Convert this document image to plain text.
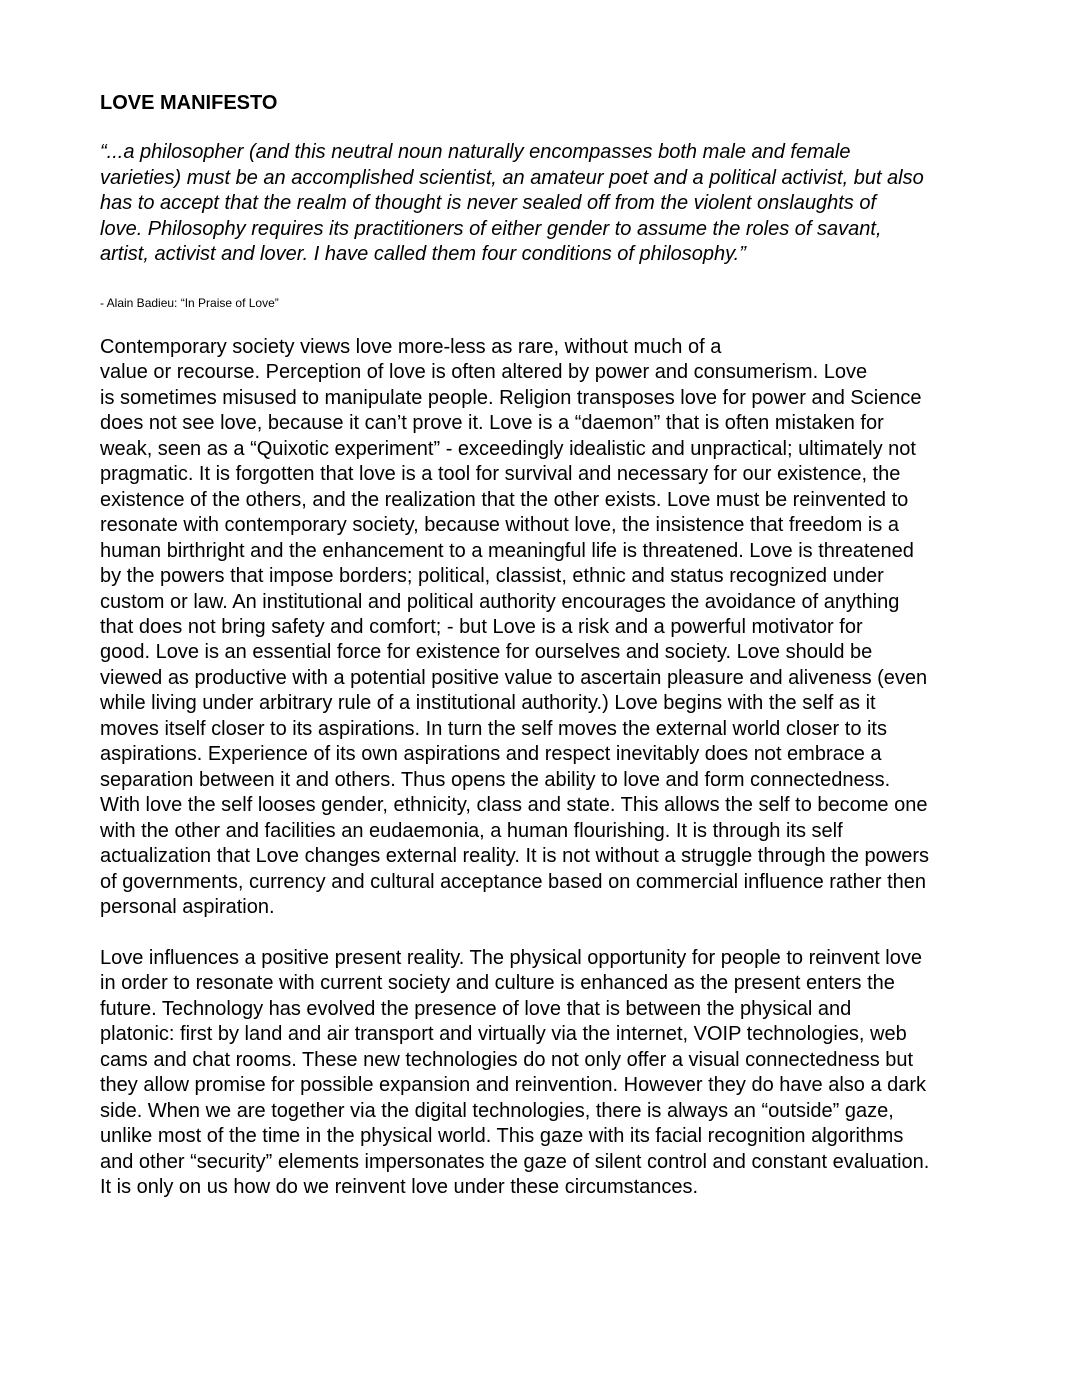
LOVE MANIFESTO
“...a philosopher (and this neutral noun naturally encompasses both male and female
varieties) must be an accomplished scientist, an amateur poet and a political activist, but also
has to accept that the realm of thought is never sealed off from the violent onslaughts of
love. Philosophy requires its practitioners of either gender to assume the roles of savant,
artist, activist and lover. I have called them four conditions of philosophy.”
- Alain Badieu: “In Praise of Love”
Contemporary society views love more-less as rare, without much of a
value or recourse. Perception of love is often altered by power and consumerism. Love
is sometimes misused to manipulate people. Religion transposes love for power and Science
does not see love, because it can’t prove it. Love is a “daemon” that is often mistaken for
weak, seen as a “Quixotic experiment” - exceedingly idealistic and unpractical; ultimately not
pragmatic. It is forgotten that love is a tool for survival and necessary for our existence, the
existence of the others, and the realization that the other exists. Love must be reinvented to
resonate with contemporary society, because without love, the insistence that freedom is a
human birthright and the enhancement to a meaningful life is threatened. Love is threatened
by the powers that impose borders; political, classist, ethnic and status recognized under
custom or law. An institutional and political authority encourages the avoidance of anything
that does not bring safety and comfort; - but Love is a risk and a powerful motivator for
good. Love is an essential force for existence for ourselves and society. Love should be
viewed as productive with a potential positive value to ascertain pleasure and aliveness (even
while living under arbitrary rule of a institutional authority.) Love begins with the self as it
moves itself closer to its aspirations. In turn the self moves the external world closer to its
aspirations. Experience of its own aspirations and respect inevitably does not embrace a
separation between it and others. Thus opens the ability to love and form connectedness.
With love the self looses gender, ethnicity, class and state. This allows the self to become one
with the other and facilities an eudaemonia, a human flourishing. It is through its self
actualization that Love changes external reality. It is not without a struggle through the powers
of governments, currency and cultural acceptance based on commercial influence rather then
personal aspiration.
Love influences a positive present reality. The physical opportunity for people to reinvent love
in order to resonate with current society and culture is enhanced as the present enters the
future. Technology has evolved the presence of love that is between the physical and
platonic: first by land and air transport and virtually via the internet, VOIP technologies, web
cams and chat rooms. These new technologies do not only offer a visual connectedness but
they allow promise for possible expansion and reinvention. However they do have also a dark
side. When we are together via the digital technologies, there is always an “outside” gaze,
unlike most of the time in the physical world. This gaze with its facial recognition algorithms
and other “security” elements impersonates the gaze of silent control and constant evaluation.
It is only on us how do we reinvent love under these circumstances.
